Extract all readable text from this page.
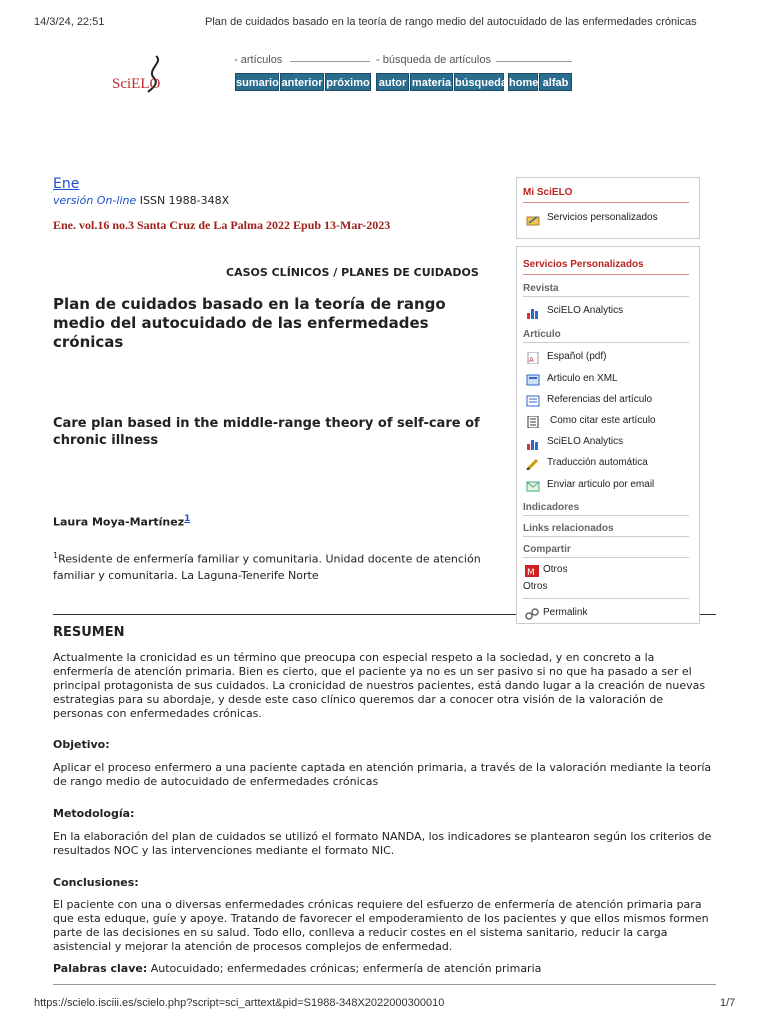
14/3/24, 22:51	Plan de cuidados basado en la teoría de rango medio del autocuidado de las enfermedades crónicas
SciELO
- artículos	- búsqueda de artículos
sumario anterior próximo autor materia búsqueda home alfab
Ene
versión On-line ISSN 1988-348X
Ene. vol.16 no.3 Santa Cruz de La Palma 2022 Epub 13-Mar-2023
CASOS CLÍNICOS / PLANES DE CUIDADOS
Plan de cuidados basado en la teoría de rango medio del autocuidado de las enfermedades crónicas
Care plan based in the middle-range theory of self-care of chronic illness
Laura Moya-Martínez$^1$
$^1$Residente de enfermería familiar y comunitaria. Unidad docente de atención familiar y comunitaria. La Laguna-Tenerife Norte
RESUMEN
Actualmente la cronicidad es un término que preocupa con especial respeto a la sociedad, y en concreto a la enfermería de atención primaria. Bien es cierto, que el paciente ya no es un ser pasivo si no que ha pasado a ser el principal protagonista de sus cuidados. La cronicidad de nuestros pacientes, está dando lugar a la creación de nuevas estrategias para su abordaje, y desde este caso clínico queremos dar a conocer otra visión de la valoración de personas con enfermedades crónicas.
Objetivo:
Aplicar el proceso enfermero a una paciente captada en atención primaria, a través de la valoración mediante la teoría de rango medio de autocuidado de enfermedades crónicas
Metodología:
En la elaboración del plan de cuidados se utilizó el formato NANDA, los indicadores se plantearon según los criterios de resultados NOC y las intervenciones mediante el formato NIC.
Conclusiones:
El paciente con una o diversas enfermedades crónicas requiere del esfuerzo de enfermería de atención primaria para que esta eduque, guíe y apoye. Tratando de favorecer el empoderamiento de los pacientes y que ellos mismos formen parte de las decisiones en su salud. Todo ello, conlleva a reducir costes en el sistema sanitario, reducir la carga asistencial y mejorar la atención de procesos complejos de enfermedad.
Palabras clave: Autocuidado; enfermedades crónicas; enfermería de atención primaria
Mi SciELO
Servicios personalizados
Servicios Personalizados
Revista
SciELO Analytics
Articulo
A Español (pdf)
Articulo en XML
Referencias del artículo
Como citar este artículo
SciELO Analytics
Traducción automática
Enviar articulo por email
Indicadores
Links relacionados
Compartir
M Otros
Otros
Permalink
https://scielo.isciii.es/scielo.php?script=sci_arttext&pid=S1988-348X2022000300010	1/7
